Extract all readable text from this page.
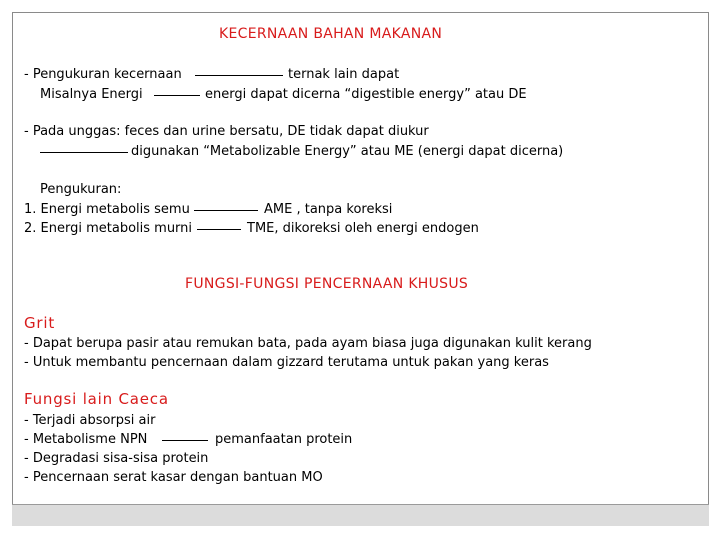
KECERNAAN BAHAN MAKANAN
- Pengukuran kecernaan	ternak lain dapat
Misalnya Energi	energi dapat dicerna “digestible energy” atau DE
- Pada unggas: feces dan urine bersatu, DE tidak dapat diukur
digunakan “Metabolizable Energy” atau ME (energi dapat dicerna)
Pengukuran:
1. Energi metabolis semu	AME , tanpa koreksi
2. Energi metabolis murni	TME, dikoreksi oleh energi endogen
FUNGSI-FUNGSI PENCERNAAN KHUSUS
Grit
- Dapat berupa pasir atau remukan bata, pada ayam biasa juga digunakan kulit kerang
- Untuk membantu pencernaan dalam gizzard terutama untuk pakan yang keras
Fungsi lain Caeca
- Terjadi absorpsi air
- Metabolisme NPN	pemanfaatan protein
- Degradasi sisa-sisa protein
- Pencernaan serat kasar dengan bantuan MO
